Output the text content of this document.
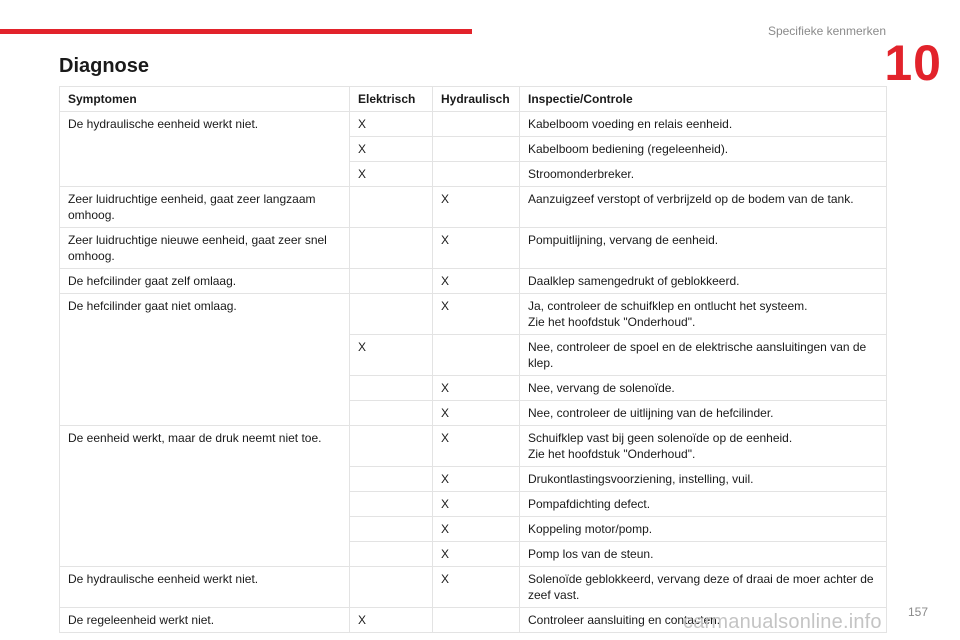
Specifieke kenmerken
10
Diagnose
Symptomen	Elektrisch	Hydraulisch	Inspectie/Controle
De hydraulische eenheid werkt niet.	X		Kabelboom voeding en relais eenheid.
	X		Kabelboom bediening (regeleenheid).
	X		Stroomonderbreker.
Zeer luidruchtige eenheid, gaat zeer langzaam omhoog.		X	Aanzuigzeef verstopt of verbrijzeld op de bodem van de tank.
Zeer luidruchtige nieuwe eenheid, gaat zeer snel omhoog.		X	Pompuitlijning, vervang de eenheid.
De hefcilinder gaat zelf omlaag.		X	Daalklep samengedrukt of geblokkeerd.
De hefcilinder gaat niet omlaag.		X	Ja, controleer de schuifklep en ontlucht het systeem.
Zie het hoofdstuk "Onderhoud".
	X		Nee, controleer de spoel en de elektrische aansluitingen van de klep.
		X	Nee, vervang de solenoïde.
		X	Nee, controleer de uitlijning van de hefcilinder.
De eenheid werkt, maar de druk neemt niet toe.		X	Schuifklep vast bij geen solenoïde op de eenheid.
Zie het hoofdstuk "Onderhoud".
		X	Drukontlastingsvoorziening, instelling, vuil.
		X	Pompafdichting defect.
		X	Koppeling motor/pomp.
		X	Pomp los van de steun.
De hydraulische eenheid werkt niet.		X	Solenoïde geblokkeerd, vervang deze of draai de moer achter de zeef vast.
De regeleenheid werkt niet.	X		Controleer aansluiting en contacten.
carmanualsonline.info 157
